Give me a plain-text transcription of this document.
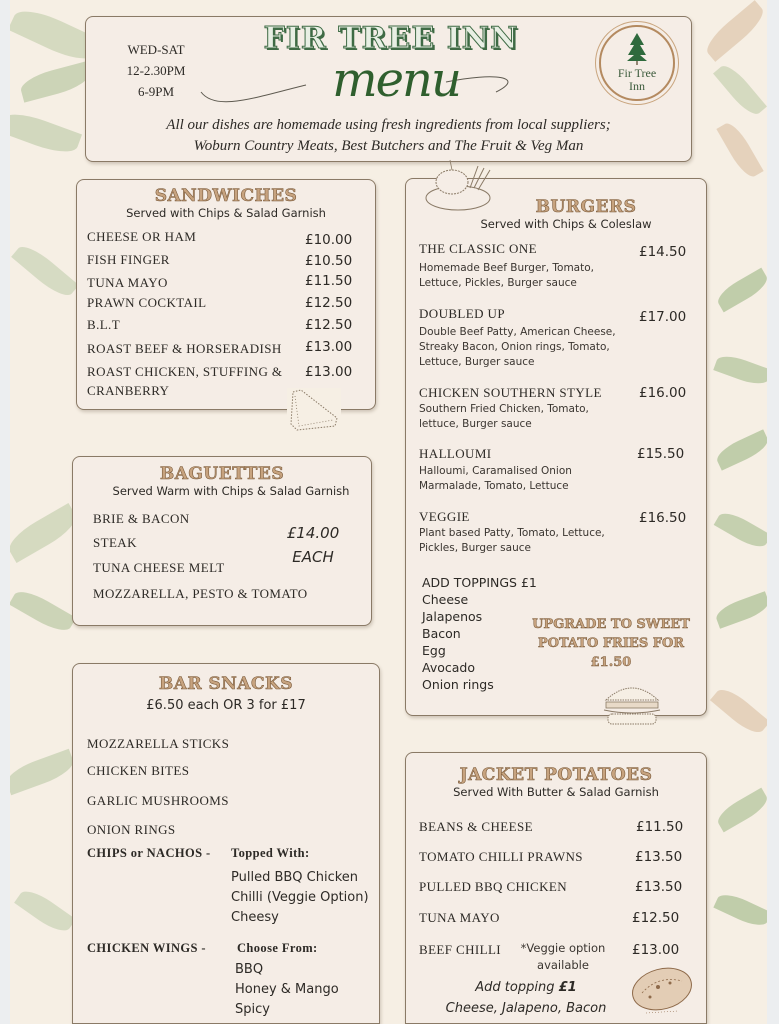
WED-SAT
12-2.30PM
6-9PM
FIR TREE INN
menu	Fir Tree
Inn
All our dishes are homemade using fresh ingredients from local suppliers;
Woburn Country Meats, Best Butchers and The Fruit & Veg Man
SANDWICHES
Served with Chips & Salad Garnish
CHEESE OR HAM	£10.00
FISH FINGER	£10.50
TUNA MAYO	£11.50
PRAWN COCKTAIL	£12.50
B.L.T	£12.50
ROAST BEEF & HORSERADISH £13.00
ROAST CHICKEN, STUFFING &
CRANBERRY
£13.00
BAGUETTES
Served Warm with Chips & Salad Garnish
BRIE & BACON
STEAK
TUNA CHEESE MELT
MOZZARELLA, PESTO & TOMATO
£14.00
EACH
BAR SNACKS
£6.50 each OR 3 for £17
MOZZARELLA STICKS
CHICKEN BITES
GARLIC MUSHROOMS
ONION RINGS
CHIPS or NACHOS - Topped With:
Pulled BBQ Chicken
Chilli (Veggie Option)
Cheesy
CHICKEN WINGS - Choose From:
BBQ
Honey & Mango
Spicy
BURGERS
Served with Chips & Coleslaw
THE CLASSIC ONE	£14.50
Homemade Beef Burger, Tomato,
Lettuce, Pickles, Burger sauce
DOUBLED UP	£17.00
Double Beef Patty, American Cheese,
Streaky Bacon, Onion rings, Tomato,
Lettuce, Burger sauce
CHICKEN SOUTHERN STYLE	£16.00
Southern Fried Chicken, Tomato,
lettuce, Burger sauce
HALLOUMI	£15.50
Halloumi, Caramalised Onion
Marmalade, Tomato, Lettuce
VEGGIE	£16.50
Plant based Patty, Tomato, Lettuce,
Pickles, Burger sauce
ADD TOPPINGS £1
Cheese
Jalapenos
Bacon
Egg
Avocado
Onion rings
UPGRADE TO SWEET
POTATO FRIES FOR
£1.50
JACKET POTATOES
Served With Butter & Salad Garnish
BEANS & CHEESE	£11.50
TOMATO CHILLI PRAWNS	£13.50
PULLED BBQ CHICKEN	£13.50
TUNA MAYO	£12.50
BEEF CHILLI	*Veggie option
available
£13.00
Add topping £1
Cheese, Jalapeno, Bacon
